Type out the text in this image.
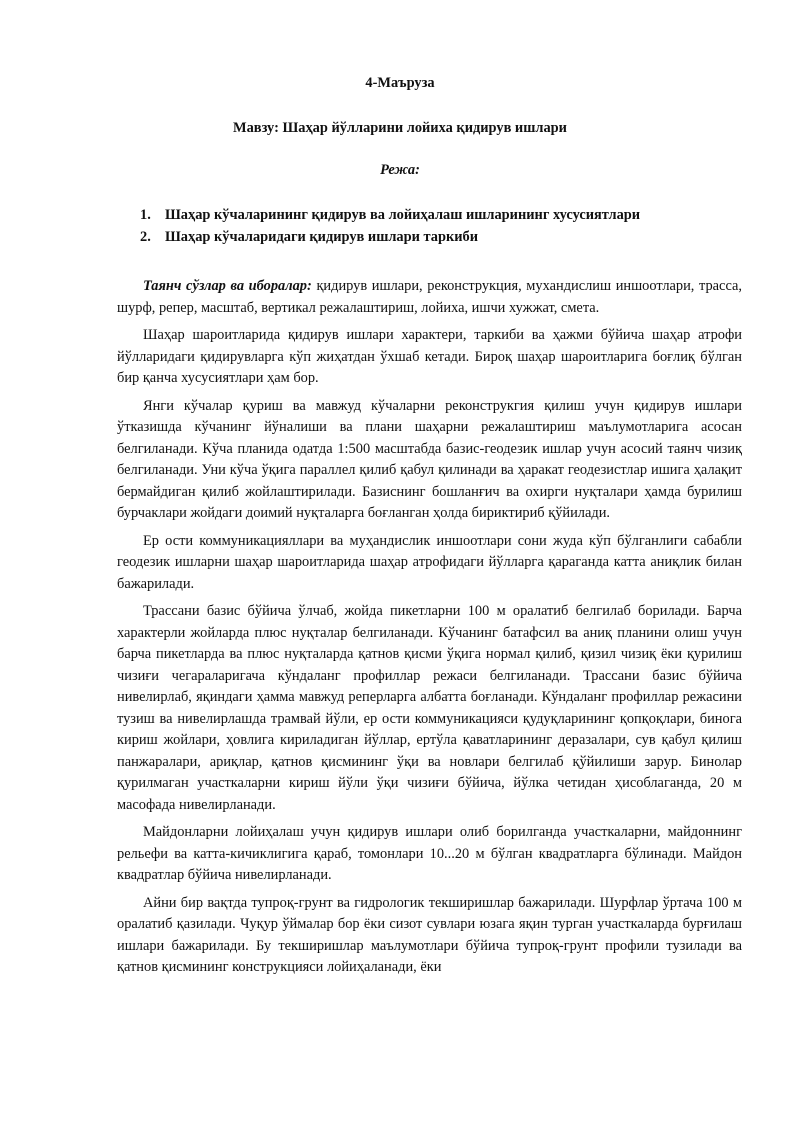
4-Маъруза
Мавзу: Шаҳар йўлларини лойиха қидирув ишлари
Режа:
1. Шаҳар кўчаларининг қидирув ва лойиҳалаш ишларининг хусусиятлари
2. Шаҳар кўчаларидаги қидирув ишлари таркиби

Таянч сўзлар ва иборалар: қидирув ишлари, реконструкция, мухандислиш иншоотлари, трасса, шурф, репер, масштаб, вертикал режалаштириш, лойиха, ишчи хужжат, смета.

Шаҳар шароитларида қидирув ишлари характери, таркиби ва ҳажми бўйича шаҳар атрофи йўлларидаги қидирувларга кўп жиҳатдан ўхшаб кетади. Бироқ шаҳар шароитларига боғлиқ бўлган бир қанча хусусиятлари ҳам бор.

Янги кўчалар қуриш ва мавжуд кўчаларни реконструкгия қилиш учун қидирув ишлари ўтказишда кўчанинг йўналиши ва плани шаҳарни режалаштириш маълумотларига асосан белгиланади. Кўча планида одатда 1:500 масштабда базис-геодезик ишлар учун асосий таянч чизиқ белгиланади. Уни кўча ўқига параллел қилиб қабул қилинади ва ҳаракат геодезистлар ишига ҳалақит бермайдиган қилиб жойлаштирилади. Базиснинг бошланғич ва охирги нуқталари ҳамда бурилиш бурчаклари жойдаги доимий нуқталарга боғланган ҳолда бириктириб қўйилади.

Ер ости коммуникацияллари ва муҳандислик иншоотлари сони жуда кўп бўлганлиги сабабли геодезик ишларни шаҳар шароитларида шаҳар атрофидаги йўлларга қараганда катта аниқлик билан бажарилади.

Трассани базис бўйича ўлчаб, жойда пикетларни 100 м оралатиб белгилаб борилади. Барча характерли жойларда плюс нуқталар белгиланади. Кўчанинг батафсил ва аниқ планини олиш учун барча пикетларда ва плюс нуқталарда қатнов қисми ўқига нормал қилиб, қизил чизиқ ёки қурилиш чизиғи чегараларигача кўндаланг профиллар режаси белгиланади. Трассани базис бўйича нивелирлаб, яқиндаги ҳамма мавжуд реперларга албатта боғланади. Кўндаланг профиллар режасини тузиш ва нивелирлашда трамвай йўли, ер ости коммуникацияси қудуқларининг қопқоқлари, бинога кириш жойлари, ҳовлига кириладиган йўллар, ертўла қаватларининг деразалари, сув қабул қилиш панжаралари, ариқлар, қатнов қисмининг ўқи ва новлари белгилаб қўйилиши зарур. Бинолар қурилмаган участкаларни кириш йўли ўқи чизиғи бўйича, йўлка четидан ҳисоблаганда, 20 м масофада нивелирланади.

Майдонларни лойиҳалаш учун қидирув ишлари олиб борилганда участкаларни, майдоннинг рельефи ва катта-кичиклигига қараб, томонлари 10...20 м бўлган квадратларга бўлинади. Майдон квадратлар бўйича нивелирланади.

Айни бир вақтда тупроқ-грунт ва гидрологик текширишлар бажарилади. Шурфлар ўртача 100 м оралатиб қазилади. Чуқур ўймалар бор ёки сизот сувлари юзага яқин турган участкаларда бурғилаш ишлари бажарилади. Бу текширишлар маълумотлари бўйича тупроқ-грунт профили тузилади ва қатнов қисмининг конструкцияси лойиҳаланади, ёки
